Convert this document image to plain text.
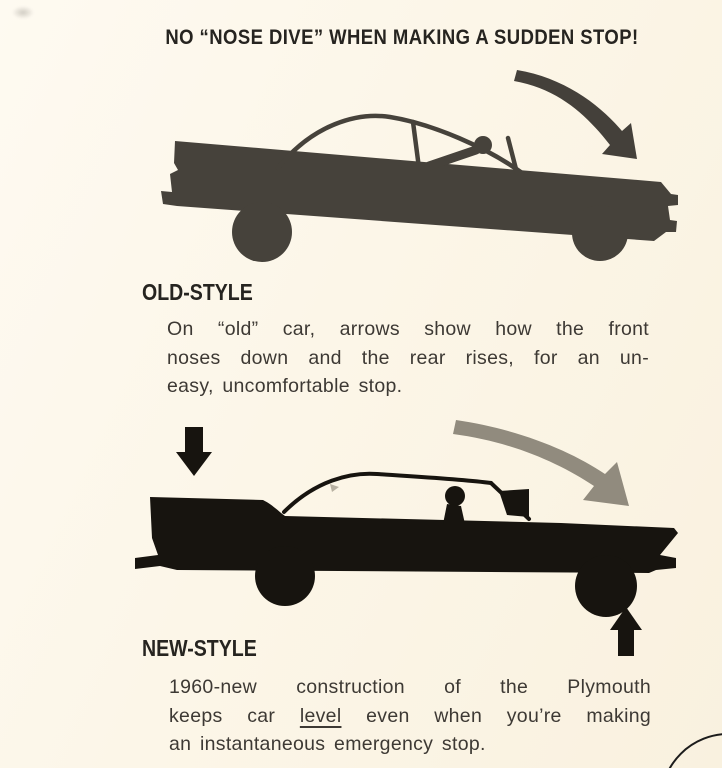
NO “NOSE DIVE” WHEN MAKING A SUDDEN STOP!
OLD-STYLE
On “old” car, arrows show how the front
noses down and the rear rises, for an un-
easy, uncomfortable stop.
NEW-STYLE
1960-new construction of the Plymouth
keeps car level even when you’re making
an instantaneous emergency stop.
